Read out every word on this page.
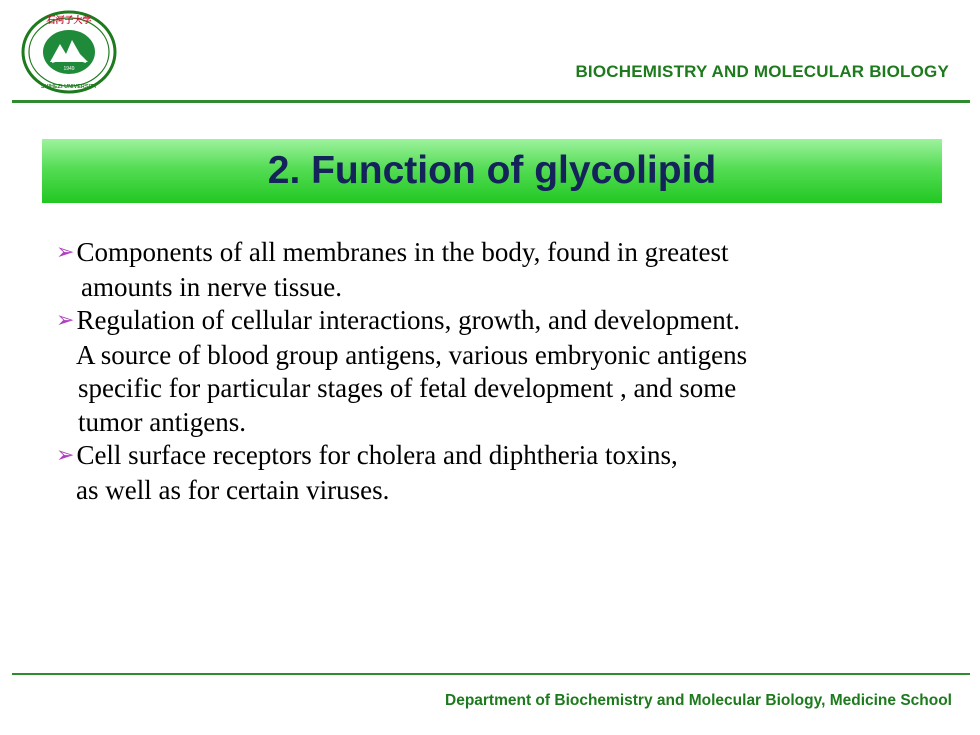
1949
石河子大学
SHIHEZI UNIVERSITY
BIOCHEMISTRY AND MOLECULAR BIOLOGY
2. Function of glycolipid
➢Components of all membranes in the body, found in greatest
amounts in nerve tissue.
➢Regulation of cellular interactions, growth, and development.
A source of blood group antigens, various embryonic antigens
specific for particular stages of fetal development , and some
tumor antigens.
➢Cell surface receptors for cholera and diphtheria toxins,
as well as for certain viruses.
Department of Biochemistry and Molecular Biology, Medicine School
